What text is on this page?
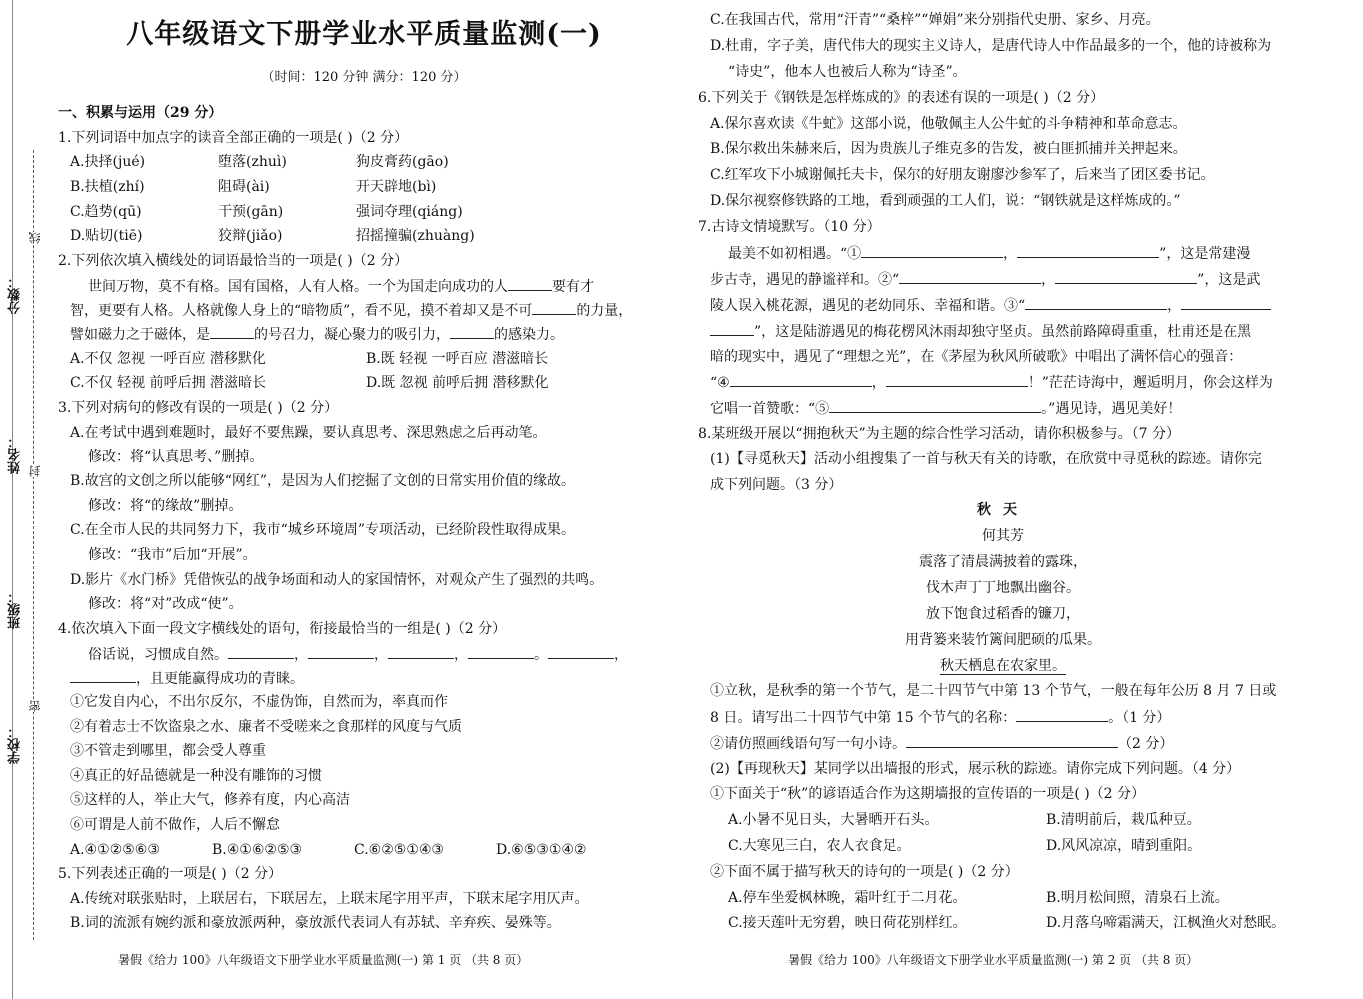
分数：
姓名：
班级：
学校：
线
封
密
八年级语文下册学业水平质量监测(一)
（时间：120 分钟 满分：120 分）
一、积累与运用（29 分）
1.下列词语中加点字的读音全部正确的一项是( )（2 分）
A.抉择(jué)	堕落(zhuì)	狗皮膏药(gāo)
B.扶植(zhí)	阻碍(ài)	开天辟地(bì)
C.趋势(qū)	干预(gān)	强词夺理(qiáng)
D.贴切(tiē)	狡辩(jiǎo)	招摇撞骗(zhuàng)
2.下列依次填入横线处的词语最恰当的一项是( )（2 分）
世间万物，莫不有格。国有国格，人有人格。一个为国走向成功的人	要有才
智，更要有人格。人格就像人身上的“暗物质”，看不见，摸不着却又是不可	的力量，
譬如磁力之于磁体，是	的号召力，凝心聚力的吸引力，	的感染力。
A.不仅 忽视 一呼百应 潜移默化	B.既 轻视 一呼百应 潜滋暗长
C.不仅 轻视 前呼后拥 潜滋暗长	D.既 忽视 前呼后拥 潜移默化
3.下列对病句的修改有误的一项是( )（2 分）
A.在考试中遇到难题时，最好不要焦躁，要认真思考、深思熟虑之后再动笔。
修改：将“认真思考、”删掉。
B.故宫的文创之所以能够“网红”，是因为人们挖掘了文创的日常实用价值的缘故。
修改：将“的缘故”删掉。
C.在全市人民的共同努力下，我市“城乡环境周”专项活动，已经阶段性取得成果。
修改：“我市”后加“开展”。
D.影片《水门桥》凭借恢弘的战争场面和动人的家国情怀，对观众产生了强烈的共鸣。
修改：将“对”改成“使”。
4.依次填入下面一段文字横线处的语句，衔接最恰当的一组是( )（2 分）
俗话说，习惯成自然。	，	，	，	。	，
，且更能赢得成功的青睐。
①它发自内心，不出尔反尔，不虚伪饰，自然而为，率真而作
②有着志士不饮盗泉之水、廉者不受嗟来之食那样的风度与气质
③不管走到哪里，都会受人尊重
④真正的好品德就是一种没有雕饰的习惯
⑤这样的人，举止大气，修养有度，内心高洁
⑥可谓是人前不做作，人后不懈怠
A.④①②⑤⑥③	B.④①⑥②⑤③	C.⑥②⑤①④③	D.⑥⑤③①④②
5.下列表述正确的一项是( )（2 分）
A.传统对联张贴时，上联居右，下联居左，上联末尾字用平声，下联末尾字用仄声。
B.词的流派有婉约派和豪放派两种，豪放派代表词人有苏轼、辛弃疾、晏殊等。
暑假《给力 100》八年级语文下册学业水平质量监测(一) 第 1 页 （共 8 页）
C.在我国古代，常用“汗青”“桑梓”“婵娟”来分别指代史册、家乡、月亮。
D.杜甫，字子美，唐代伟大的现实主义诗人，是唐代诗人中作品最多的一个，他的诗被称为
“诗史”，他本人也被后人称为“诗圣”。
6.下列关于《钢铁是怎样炼成的》的表述有误的一项是( )（2 分）
A.保尔喜欢读《牛虻》这部小说，他敬佩主人公牛虻的斗争精神和革命意志。
B.保尔救出朱赫来后，因为贵族儿子维克多的告发，被白匪抓捕并关押起来。
C.红军攻下小城谢佩托夫卡，保尔的好朋友谢廖沙参军了，后来当了团区委书记。
D.保尔视察修铁路的工地，看到顽强的工人们，说：“钢铁就是这样炼成的。”
7.古诗文情境默写。（10 分）
最美不如初相遇。“①	，	”，这是常建漫
步古寺，遇见的静谧祥和。②“	，	”，这是武
陵人误入桃花源，遇见的老幼同乐、幸福和谐。③“	，
”，这是陆游遇见的梅花楞风沐雨却独守坚贞。虽然前路障碍重重，杜甫还是在黑
暗的现实中，遇见了“理想之光”，在《茅屋为秋风所破歌》中唱出了满怀信心的强音：
“④	，	！”茫茫诗海中，邂逅明月，你会这样为
它唱一首赞歌：“⑤	。”遇见诗，遇见美好！
8.某班级开展以“拥抱秋天”为主题的综合性学习活动，请你积极参与。（7 分）
(1)【寻觅秋天】活动小组搜集了一首与秋天有关的诗歌，在欣赏中寻觅秋的踪迹。请你完
成下列问题。（3 分）
秋天
何其芳
震落了清晨满披着的露珠，
伐木声丁丁地飘出幽谷。
放下饱食过稻香的镰刀，
用背篓来装竹篱间肥硕的瓜果。
秋天栖息在农家里。
①立秋，是秋季的第一个节气，是二十四节气中第 13 个节气，一般在每年公历 8 月 7 日或
8 日。请写出二十四节气中第 15 个节气的名称：	。（1 分）
②请仿照画线语句写一句小诗。	（2 分）
(2)【再现秋天】某同学以出墙报的形式，展示秋的踪迹。请你完成下列问题。（4 分）
①下面关于“秋”的谚语适合作为这期墙报的宣传语的一项是( )（2 分）
A.小暑不见日头，大暑晒开石头。	B.清明前后，栽瓜种豆。
C.大寒见三白，农人衣食足。	D.风风凉凉，晴到重阳。
②下面不属于描写秋天的诗句的一项是( )（2 分）
A.停车坐爱枫林晚，霜叶红于二月花。	B.明月松间照，清泉石上流。
C.接天莲叶无穷碧，映日荷花别样红。	D.月落乌啼霜满天，江枫渔火对愁眠。
暑假《给力 100》八年级语文下册学业水平质量监测(一) 第 2 页 （共 8 页）
